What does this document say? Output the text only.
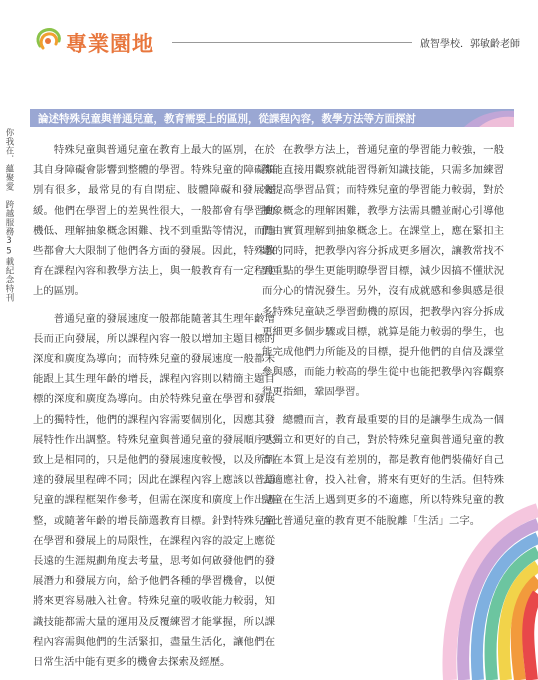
專業園地	啟智學校．郭敏齡老師
你我在．蘊聚愛　跨越服務35載紀念特刊
論述特殊兒童與普通兒童，教育需要上的區別，從課程內容，教學方法等方面探討

特殊兒童與普通兒童在教育上最大的區別，在於其自身障礙會影響到整體的學習。特殊兒童的障礙類別有很多，最常見的有自閉症、肢體障礙和發展遲緩。他們在學習上的差異性很大，一般都會有學習動機低、理解抽象概念困難、找不到重點等情況，而這些都會大大限制了他們各方面的發展。因此，特殊教育在課程內容和教學方法上，與一般教育有一定程度上的區別。

普通兒童的發展速度一般都能隨著其生理年齡增長而正向發展，所以課程內容一般以增加主題目標的深度和廣度為導向；而特殊兒童的發展速度一般都未能跟上其生理年齡的增長，課程內容則以精簡主題目標的深度和廣度為導向。由於特殊兒童在學習和發展上的獨特性，他們的課程內容需要個別化，因應其發展特性作出調整。特殊兒童與普通兒童的發展順序大致上是相同的，只是他們的發展速度較慢，以及所到達的發展里程碑不同；因此在課程內容上應該以普通兒童的課程框架作參考，但需在深度和廣度上作出調整，或隨著年齡的增長篩選教育目標。針對特殊兒童在學習和發展上的局限性，在課程內容的設定上應從長遠的生涯規劃角度去考量，思考如何啟發他們的發展潛力和發展方向，給予他們各種的學習機會，以便將來更容易融入社會。特殊兒童的吸收能力較弱，知識技能都需大量的運用及反覆練習才能掌握，所以課程內容需與他們的生活緊扣，盡量生活化，讓他們在日常生活中能有更多的機會去探索及經歷。

在教學方法上，普通兒童的學習能力較強，一般都能直接用觀察就能習得新知識技能，只需多加練習來提高學習品質；而特殊兒童的學習能力較弱，對於抽象概念的理解困難，教學方法需具體並耐心引導他們由實質理解到抽象概念上。在課堂上，應在緊扣主題的同時，把教學內容分拆成更多層次，讓教常找不到重點的學生更能明瞭學習目標，減少因搞不懂狀況而分心的情況發生。另外，沒有成就感和參與感是很多特殊兒童缺乏學習動機的原因，把教學內容分拆成更細更多個步驟或目標，就算是能力較弱的學生，也能完成他們力所能及的目標，提升他們的自信及課堂參與感，而能力較高的學生從中也能把教學內容觀察得更指細，鞏固學習。

總體而言，教育最重要的目的是讓學生成為一個更獨立和更好的自己，對於特殊兒童與普通兒童的教育在本質上是沒有差別的，都是教育他們裝備好自己去適應社會，投入社會，將來有更好的生活。但特殊兒童在生活上遇到更多的不適應，所以特殊兒童的教育比普通兒童的教育更不能脫離「生活」二字。
